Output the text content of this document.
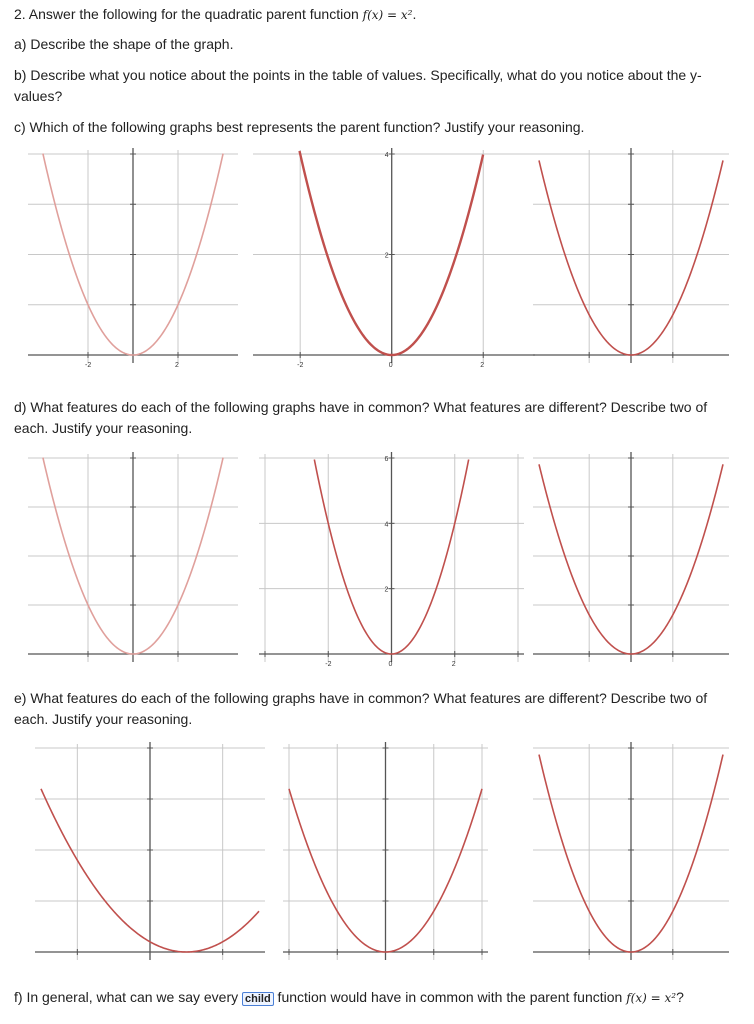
2. Answer the following for the quadratic parent function f(x) = x².
a) Describe the shape of the graph.
b) Describe what you notice about the points in the table of values. Specifically, what do you notice about the y-values?
c) Which of the following graphs best represents the parent function? Justify your reasoning.
-2	2	-2	0	2
2
4
d) What features do each of the following graphs have in common? What features are different? Describe two of each. Justify your reasoning.
-2	0	2
2
4
6
e) What features do each of the following graphs have in common? What features are different? Describe two of each. Justify your reasoning.
f) In general, what can we say every child function would have in common with the parent function f(x) = x²?
